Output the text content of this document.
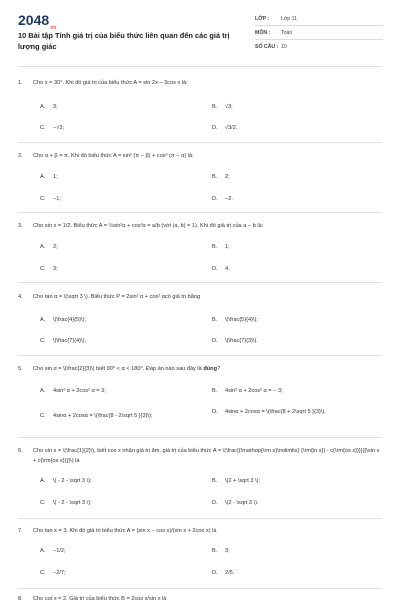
$2048_{.vn}$
10 Bài tập Tính giá trị của biểu thức liên quan đến các giá trị lượng giác
LỚP : Lớp 11
MÔN : Toán
SỐ CÂU : 10
1. Cho x = 30°. Khi đó giá trị của biểu thức A = sin 2x − 3cos x là:
A. 3;	B. √3;
C. −√3;	D. √3/2.
2. Cho α + β = π. Khi đó biểu thức A = sin² (π − β) + cos² (π − α) là:
A. 1;	B. 2;
C. −1;	D. −2.
3. Cho sin x = 1/2. Biểu thức A = ½sin²α + cos²α = a/b (với (a, b) = 1). Khi đó giá trị của a − b là:
A. 2;	B. 1;
C. 3;	D. 4.
4. Cho tan α = \(\sqrt 3 \). Biểu thức P = 2sin² α + cos² αcó giá trị bằng
A. \(\frac{4}{5}\);	B. \(\frac{5}{4}\);
C. \(\frac{7}{4}\);	D. \(\frac{7}{3}\).
5. Cho sin α = \(\frac{2}{3}\) biết 90° < α < 180°. Đáp án nào sau đây là đúng?
A. 4sin² α + 2cos² α = 3;	B. 4sin² α + 2cos² α = − 3;
C. 4sinα + 2cosα = \(\frac{8 - 2\sqrt 5 }{3}\);
D. 4sinα + 2cosα = \(\frac{8 + 2\sqrt 5 }{3}\).
6. Cho sin x = \(\frac{1}{2}\), biết cos x nhận giá trị âm, giá trị của biểu thức A = \(\frac{{\mathop{\rm s}\nolimits} {\rm{in x}} - c{\rm{os x}}}}{{\sin x + c{\rm{os x}}}}\) là
A. \( - 2 - \sqrt 3 \);	B. \(2 + \sqrt 3 \);
C. \( - 2 - \sqrt 3 \);	D. \(2 - \sqrt 3 \).
7. Cho tan x = 3. Khi đó giá trị biểu thức A = (sin x − cos x)/(sin x + 2cos x) là
A. −1/2;	B. 3;
C. −2/7;	D. 2/5.
8. Cho cot x = 2. Giá trị của biểu thức B = 2cos x/sin x là
